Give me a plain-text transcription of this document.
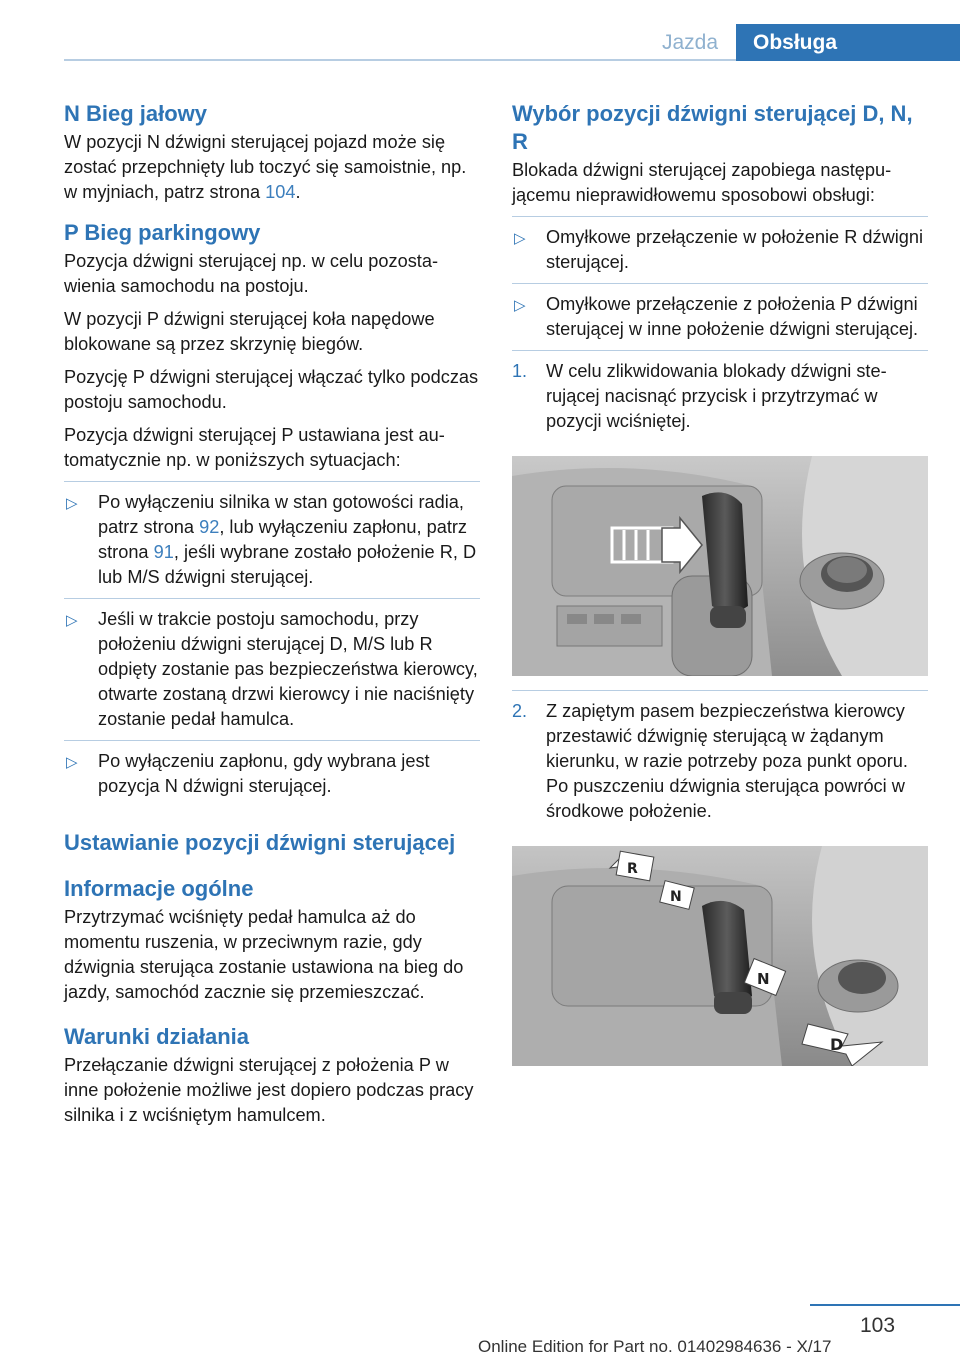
Jazda	Obsługa
N Bieg jałowy

W pozycji N dźwigni sterującej pojazd może się zostać przepchnięty lub toczyć się samoistnie, np. w myjniach, patrz strona 104.

P Bieg parkingowy

Pozycja dźwigni sterującej np. w celu pozostawienia samochodu na postoju.

W pozycji P dźwigni sterującej koła napędowe blokowane są przez skrzynię biegów.

Pozycję P dźwigni sterującej włączać tylko podczas postoju samochodu.

Pozycja dźwigni sterującej P ustawiana jest automatycznie np. w poniższych sytuacjach:

▷ Po wyłączeniu silnika w stan gotowości radia, patrz strona 92, lub wyłączeniu zapłonu, patrz strona 91, jeśli wybrane zostało położenie R, D lub M/S dźwigni sterującej.
▷ Jeśli w trakcie postoju samochodu, przy położeniu dźwigni sterującej D, M/S lub R odpięty zostanie pas bezpieczeństwa kierowcy, otwarte zostaną drzwi kierowcy i nie naciśnięty zostanie pedał hamulca.
▷ Po wyłączeniu zapłonu, gdy wybrana jest pozycja N dźwigni sterującej.
Ustawianie pozycji dźwigni sterującej
Informacje ogólne

Przytrzymać wciśnięty pedał hamulca aż do momentu ruszenia, w przeciwnym razie, gdy dźwignia sterująca zostanie ustawiona na bieg do jazdy, samochód zacznie się przemieszczać.

Warunki działania

Przełączanie dźwigni sterującej z położenia P w inne położenie możliwe jest dopiero podczas pracy silnika i z wciśniętym hamulcem.

Wybór pozycji dźwigni sterującej D, N, R

Blokada dźwigni sterującej zapobiega następującemu nieprawidłowemu sposobowi obsługi:

▷ Omyłkowe przełączenie w położenie R dźwigni sterującej.
▷ Omyłkowe przełączenie z położenia P dźwigni sterującej w inne położenie dźwigni sterującej.
1. W celu zlikwidowania blokady dźwigni sterującej nacisnąć przycisk i przytrzymać w pozycji wciśniętej.
2. Z zapiętym pasem bezpieczeństwa kierowcy przestawić dźwignię sterującą w żądanym kierunku, w razie potrzeby poza punkt oporu. Po puszczeniu dźwignia sterująca powróci w środkowe położenie.
R
N
N
D
103
Online Edition for Part no. 01402984636 - X/17
